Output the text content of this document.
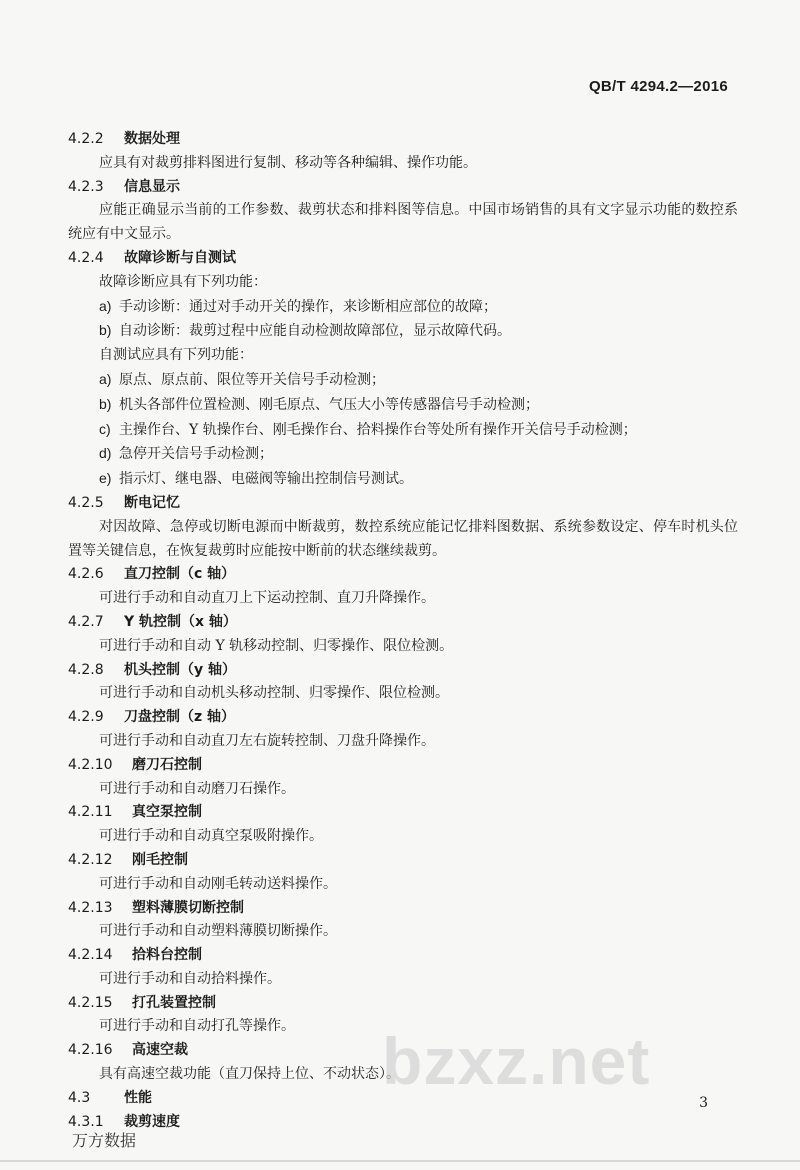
QB/T 4294.2—2016
4.2.2 数据处理
应具有对裁剪排料图进行复制、移动等各种编辑、操作功能。
4.2.3 信息显示
应能正确显示当前的工作参数、裁剪状态和排料图等信息。中国市场销售的具有文字显示功能的数控系统应有中文显示。
4.2.4 故障诊断与自测试
故障诊断应具有下列功能：
a) 手动诊断：通过对手动开关的操作，来诊断相应部位的故障；
b) 自动诊断：裁剪过程中应能自动检测故障部位，显示故障代码。
自测试应具有下列功能：
a) 原点、原点前、限位等开关信号手动检测；
b) 机头各部件位置检测、刚毛原点、气压大小等传感器信号手动检测；
c) 主操作台、Y 轨操作台、刚毛操作台、拾料操作台等处所有操作开关信号手动检测；
d) 急停开关信号手动检测；
e) 指示灯、继电器、电磁阀等输出控制信号测试。
4.2.5 断电记忆
对因故障、急停或切断电源而中断裁剪，数控系统应能记忆排料图数据、系统参数设定、停车时机头位置等关键信息，在恢复裁剪时应能按中断前的状态继续裁剪。
4.2.6 直刀控制（c 轴）
可进行手动和自动直刀上下运动控制、直刀升降操作。
4.2.7 Y 轨控制（x 轴）
可进行手动和自动 Y 轨移动控制、归零操作、限位检测。
4.2.8 机头控制（y 轴）
可进行手动和自动机头移动控制、归零操作、限位检测。
4.2.9 刀盘控制（z 轴）
可进行手动和自动直刀左右旋转控制、刀盘升降操作。
4.2.10 磨刀石控制
可进行手动和自动磨刀石操作。
4.2.11 真空泵控制
可进行手动和自动真空泵吸附操作。
4.2.12 刚毛控制
可进行手动和自动刚毛转动送料操作。
4.2.13 塑料薄膜切断控制
可进行手动和自动塑料薄膜切断操作。
4.2.14 拾料台控制
可进行手动和自动拾料操作。
4.2.15 打孔装置控制
可进行手动和自动打孔等操作。
4.2.16 高速空裁
具有高速空裁功能（直刀保持上位、不动状态）。
4.3 性能
4.3.1 裁剪速度
bzxz.net
3
万方数据
